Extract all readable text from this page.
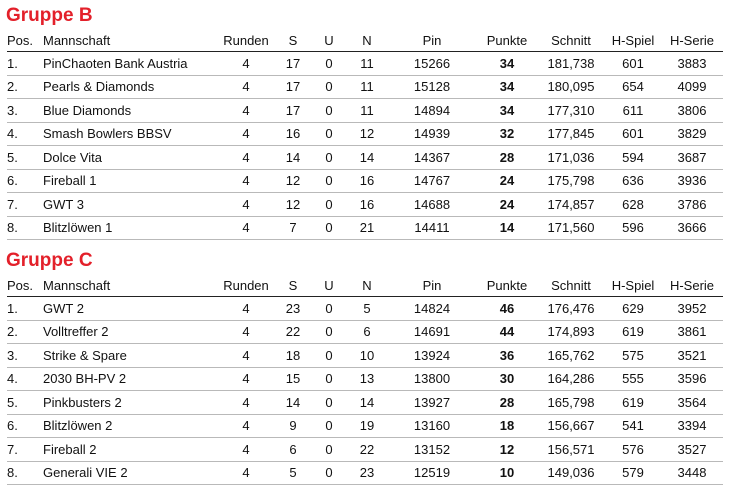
Gruppe B
Pos.	Mannschaft	Runden	S	U	N	Pin	Punkte	Schnitt	H-Spiel	H-Serie
1.	PinChaoten Bank Austria	4	17	0	11	15266	34	181,738	601	3883
2.	Pearls & Diamonds	4	17	0	11	15128	34	180,095	654	4099
3.	Blue Diamonds	4	17	0	11	14894	34	177,310	611	3806
4.	Smash Bowlers BBSV	4	16	0	12	14939	32	177,845	601	3829
5.	Dolce Vita	4	14	0	14	14367	28	171,036	594	3687
6.	Fireball 1	4	12	0	16	14767	24	175,798	636	3936
7.	GWT 3	4	12	0	16	14688	24	174,857	628	3786
8.	Blitzlöwen 1	4	7	0	21	14411	14	171,560	596	3666
Gruppe C
Pos.	Mannschaft	Runden	S	U	N	Pin	Punkte	Schnitt	H-Spiel	H-Serie
1.	GWT 2	4	23	0	5	14824	46	176,476	629	3952
2.	Volltreffer 2	4	22	0	6	14691	44	174,893	619	3861
3.	Strike & Spare	4	18	0	10	13924	36	165,762	575	3521
4.	2030 BH-PV 2	4	15	0	13	13800	30	164,286	555	3596
5.	Pinkbusters 2	4	14	0	14	13927	28	165,798	619	3564
6.	Blitzlöwen 2	4	9	0	19	13160	18	156,667	541	3394
7.	Fireball 2	4	6	0	22	13152	12	156,571	576	3527
8.	Generali VIE 2	4	5	0	23	12519	10	149,036	579	3448
